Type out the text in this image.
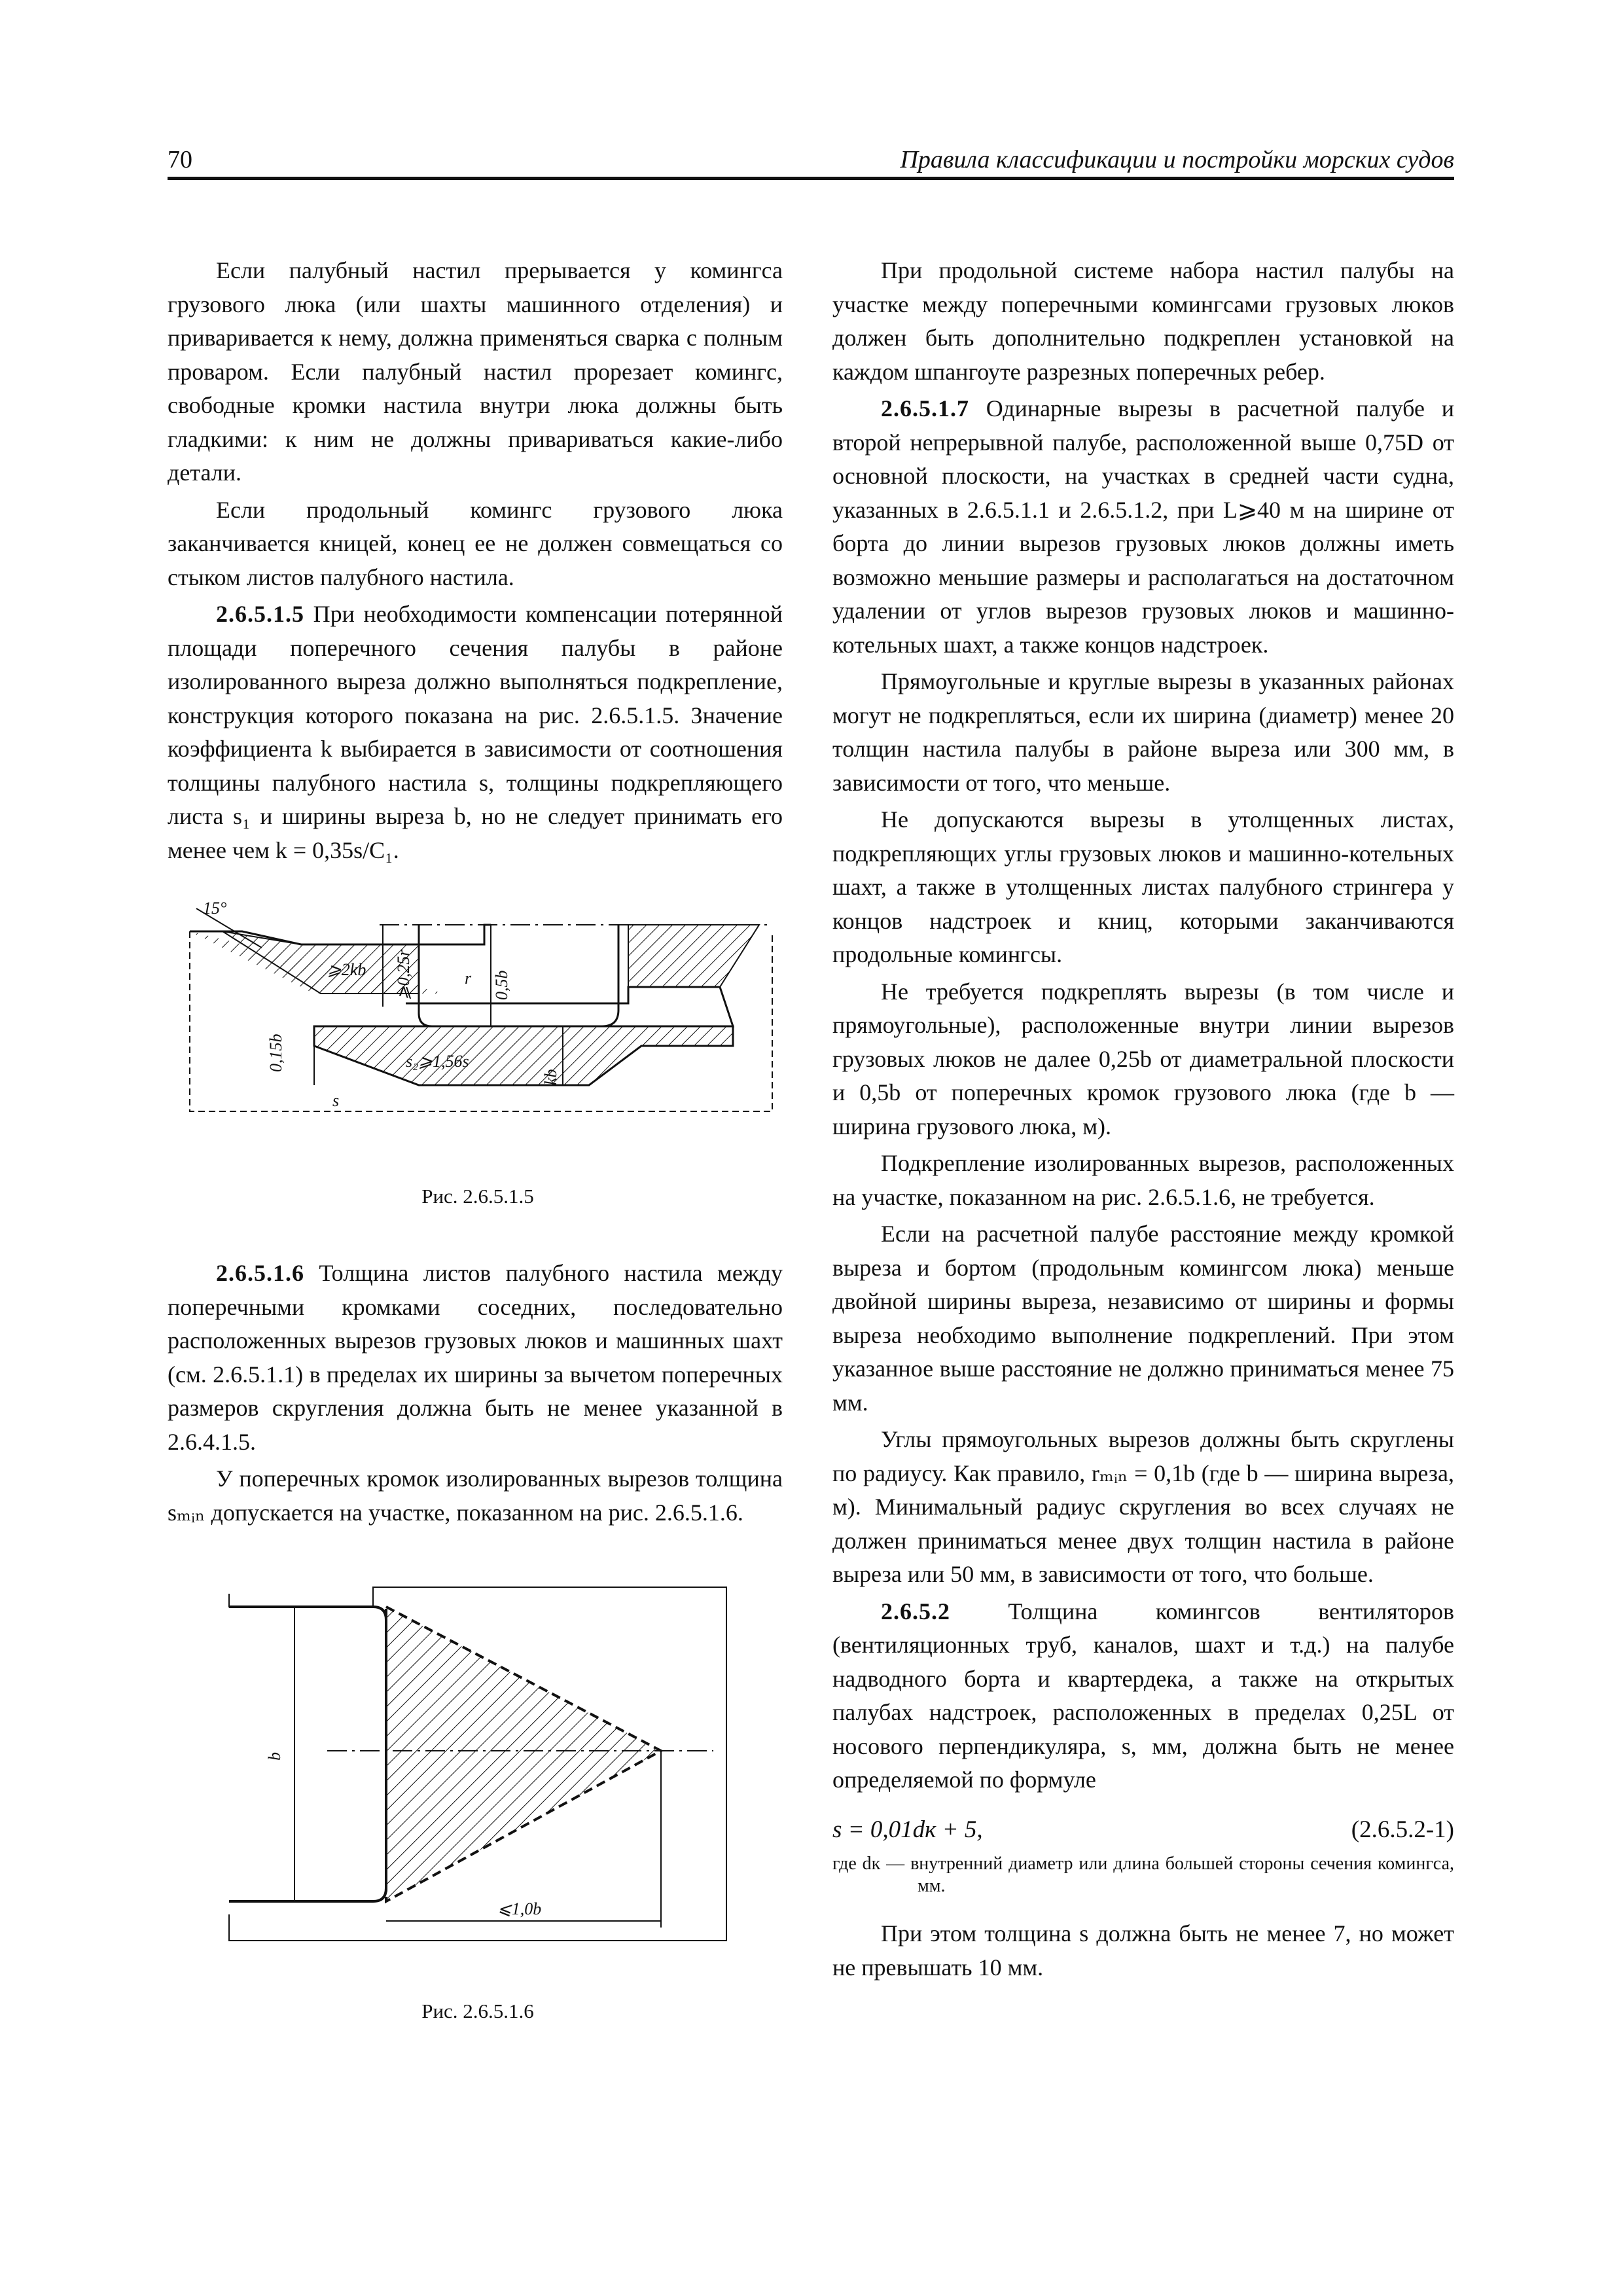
70	Правила классификации и постройки морских судов

Если палубный настил прерывается у комингса грузового люка (или шахты машинного отделения) и приваривается к нему, должна применяться сварка с полным проваром. Если палубный настил прорезает комингс, свободные кромки настила внутри люка должны быть гладкими: к ним не должны привариваться какие-либо детали.

Если продольный комингс грузового люка заканчивается кницей, конец ее не должен совмещаться со стыком листов палубного настила.

2.6.5.1.5 При необходимости компенсации потерянной площади поперечного сечения палубы в районе изолированного выреза должно выполняться подкрепление, конструкция которого показана на рис. 2.6.5.1.5. Значение коэффициента k выбирается в зависимости от соотношения толщины палубного настила s, толщины подкрепляющего листа s₁ и ширины выреза b, но не следует принимать его менее чем k = 0,35s/C₁.

15°
⩾2kb ⩾0,25r	r 0,5b
0,15b	s₂⩾1,56s
kb
s
Рис. 2.6.5.1.5

2.6.5.1.6 Толщина листов палубного настила между поперечными кромками соседних, последовательно расположенных вырезов грузовых люков и машинных шахт (см. 2.6.5.1.1) в пределах их ширины за вычетом поперечных размеров скругления должна быть не менее указанной в 2.6.4.1.5.

У поперечных кромок изолированных вырезов толщина sₘᵢₙ допускается на участке, показанном на рис. 2.6.5.1.6.

b
⩽1,0b
Рис. 2.6.5.1.6

При продольной системе набора настил палубы на участке между поперечными комингсами грузовых люков должен быть дополнительно подкреплен установкой на каждом шпангоуте разрезных поперечных ребер.

2.6.5.1.7 Одинарные вырезы в расчетной палубе и второй непрерывной палубе, расположенной выше 0,75D от основной плоскости, на участках в средней части судна, указанных в 2.6.5.1.1 и 2.6.5.1.2, при L⩾40 м на ширине от борта до линии вырезов грузовых люков должны иметь возможно меньшие размеры и располагаться на достаточном удалении от углов вырезов грузовых люков и машинно-котельных шахт, а также концов надстроек.

Прямоугольные и круглые вырезы в указанных районах могут не подкрепляться, если их ширина (диаметр) менее 20 толщин настила палубы в районе выреза или 300 мм, в зависимости от того, что меньше.

Не допускаются вырезы в утолщенных листах, подкрепляющих углы грузовых люков и машинно-котельных шахт, а также в утолщенных листах палубного стрингера у концов надстроек и книц, которыми заканчиваются продольные комингсы.

Не требуется подкреплять вырезы (в том числе и прямоугольные), расположенные внутри линии вырезов грузовых люков не далее 0,25b от диаметральной плоскости и 0,5b от поперечных кромок грузового люка (где b — ширина грузового люка, м).

Подкрепление изолированных вырезов, расположенных на участке, показанном на рис. 2.6.5.1.6, не требуется.

Если на расчетной палубе расстояние между кромкой выреза и бортом (продольным комингсом люка) меньше двойной ширины выреза, независимо от ширины и формы выреза необходимо выполнение подкреплений. При этом указанное выше расстояние не должно приниматься менее 75 мм.

Углы прямоугольных вырезов должны быть скруглены по радиусу. Как правило, rₘᵢₙ = 0,1b (где b — ширина выреза, м). Минимальный радиус скругления во всех случаях не должен приниматься менее двух толщин настила в районе выреза или 50 мм, в зависимости от того, что больше.

2.6.5.2 Толщина комингсов вентиляторов (вентиляционных труб, каналов, шахт и т.д.) на палубе надводного борта и квартердека, а также на открытых палубах надстроек, расположенных в пределах 0,25L от носового перпендикуляра, s, мм, должна быть не менее определяемой по формуле

s = 0,01dк + 5,	(2.6.5.2-1)
где dк — внутренний диаметр или длина большей стороны сечения комингса, мм.

При этом толщина s должна быть не менее 7, но может не превышать 10 мм.
